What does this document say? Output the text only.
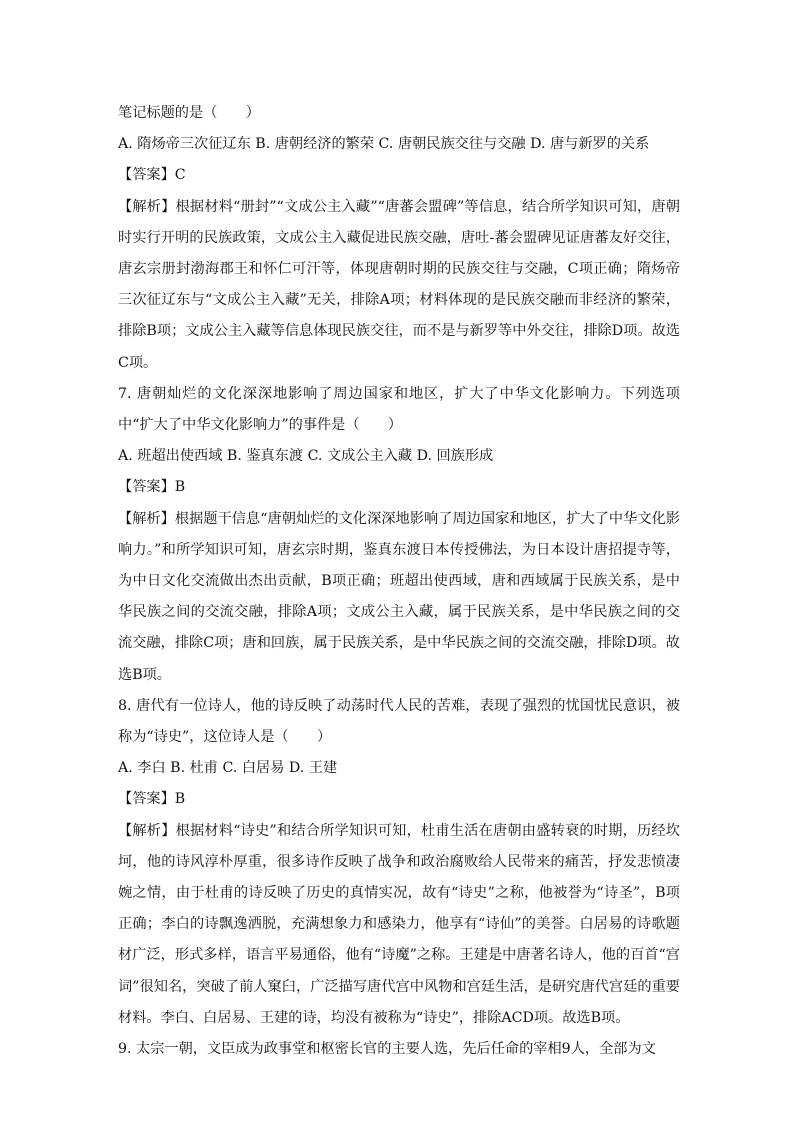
笔记标题的是（　　）
A. 隋炀帝三次征辽东 B. 唐朝经济的繁荣 C. 唐朝民族交往与交融 D. 唐与新罗的关系
【答案】C
【解析】根据材料“册封”“文成公主入藏”“唐蕃会盟碑”等信息，结合所学知识可知，唐朝时实行开明的民族政策，文成公主入藏促进民族交融，唐吐-蕃会盟碑见证唐蕃友好交往，唐玄宗册封渤海郡王和怀仁可汗等，体现唐朝时期的民族交往与交融，C项正确；隋炀帝三次征辽东与“文成公主入藏”无关，排除A项；材料体现的是民族交融而非经济的繁荣，排除B项；文成公主入藏等信息体现民族交往，而不是与新罗等中外交往，排除D项。故选C项。
7. 唐朝灿烂的文化深深地影响了周边国家和地区，扩大了中华文化影响力。下列选项中“扩大了中华文化影响力”的事件是（　　）
A. 班超出使西域 B. 鉴真东渡 C. 文成公主入藏 D. 回族形成
【答案】B
【解析】根据题干信息“唐朝灿烂的文化深深地影响了周边国家和地区，扩大了中华文化影响力。”和所学知识可知，唐玄宗时期，鉴真东渡日本传授佛法，为日本设计唐招提寺等，为中日文化交流做出杰出贡献，B项正确；班超出使西域，唐和西域属于民族关系，是中华民族之间的交流交融，排除A项；文成公主入藏，属于民族关系，是中华民族之间的交流交融，排除C项；唐和回族，属于民族关系，是中华民族之间的交流交融，排除D项。故选B项。
8. 唐代有一位诗人，他的诗反映了动荡时代人民的苦难，表现了强烈的忧国忧民意识，被称为“诗史”，这位诗人是（　　）
A. 李白 B. 杜甫 C. 白居易 D. 王建
【答案】B
【解析】根据材料“诗史”和结合所学知识可知，杜甫生活在唐朝由盛转衰的时期，历经坎坷，他的诗风淳朴厚重，很多诗作反映了战争和政治腐败给人民带来的痛苦，抒发悲愤凄婉之情，由于杜甫的诗反映了历史的真情实况，故有“诗史”之称，他被誉为“诗圣”，B项正确；李白的诗飘逸洒脱，充满想象力和感染力，他享有“诗仙”的美誉。白居易的诗歌题材广泛，形式多样，语言平易通俗，他有“诗魔”之称。王建是中唐著名诗人，他的百首“宫词”很知名，突破了前人窠臼，广泛描写唐代宫中风物和宫廷生活，是研究唐代宫廷的重要材料。李白、白居易、王建的诗，均没有被称为“诗史”，排除ACD项。故选B项。
9. 太宗一朝，文臣成为政事堂和枢密长官的主要人选，先后任命的宰相9人，全部为文
